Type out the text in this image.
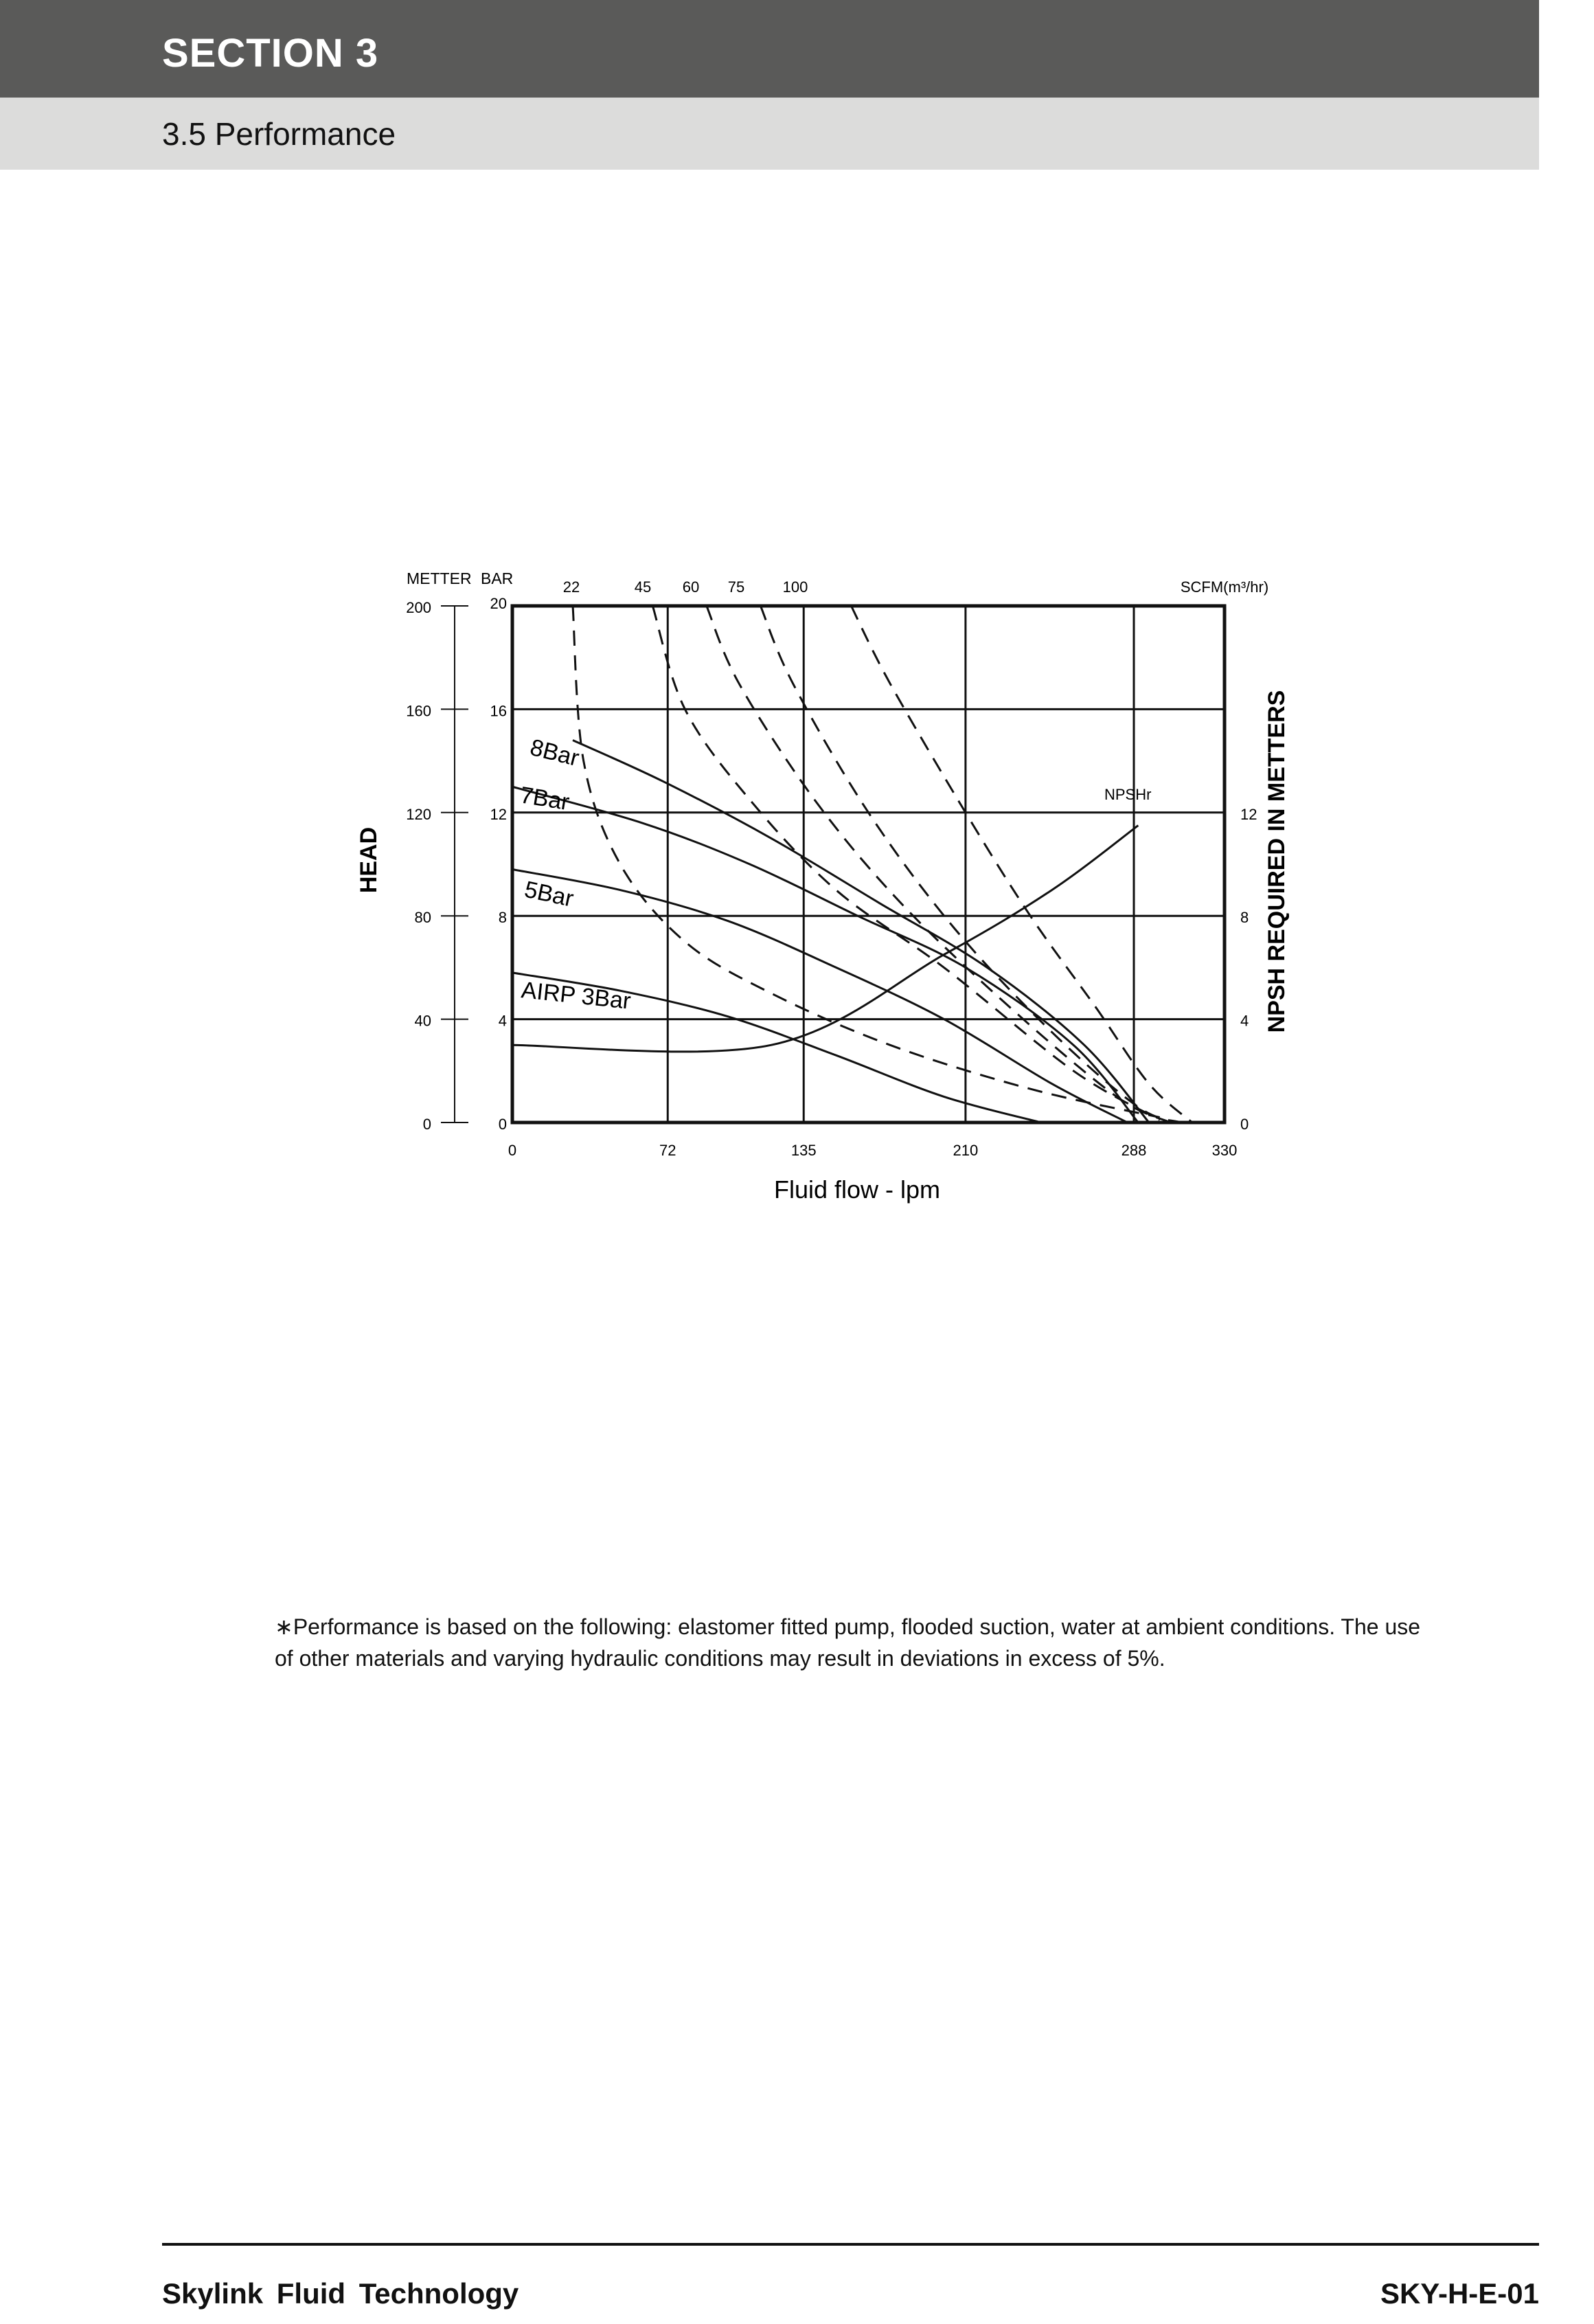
SECTION 3
3.5 Performance
0
40
80
120
160
200
METTER BAR
0
4
8
12
16
20
HEAD
0
4
8
12 NPSH REQUIRED IN METTERS
0	72	135	210	288	330
Fluid flow - lpm
22	45 60 75	100	SCFM(m³/hr)
8Bar
7Bar
5Bar
AIRP 3Bar
NPSHr
∗Performance is based on the following: elastomer fitted pump, flooded suction, water at ambient conditions. The use of other materials and varying hydraulic conditions may result in deviations in excess of 5%.
Skylink Fluid Technology	SKY-H-E-01
